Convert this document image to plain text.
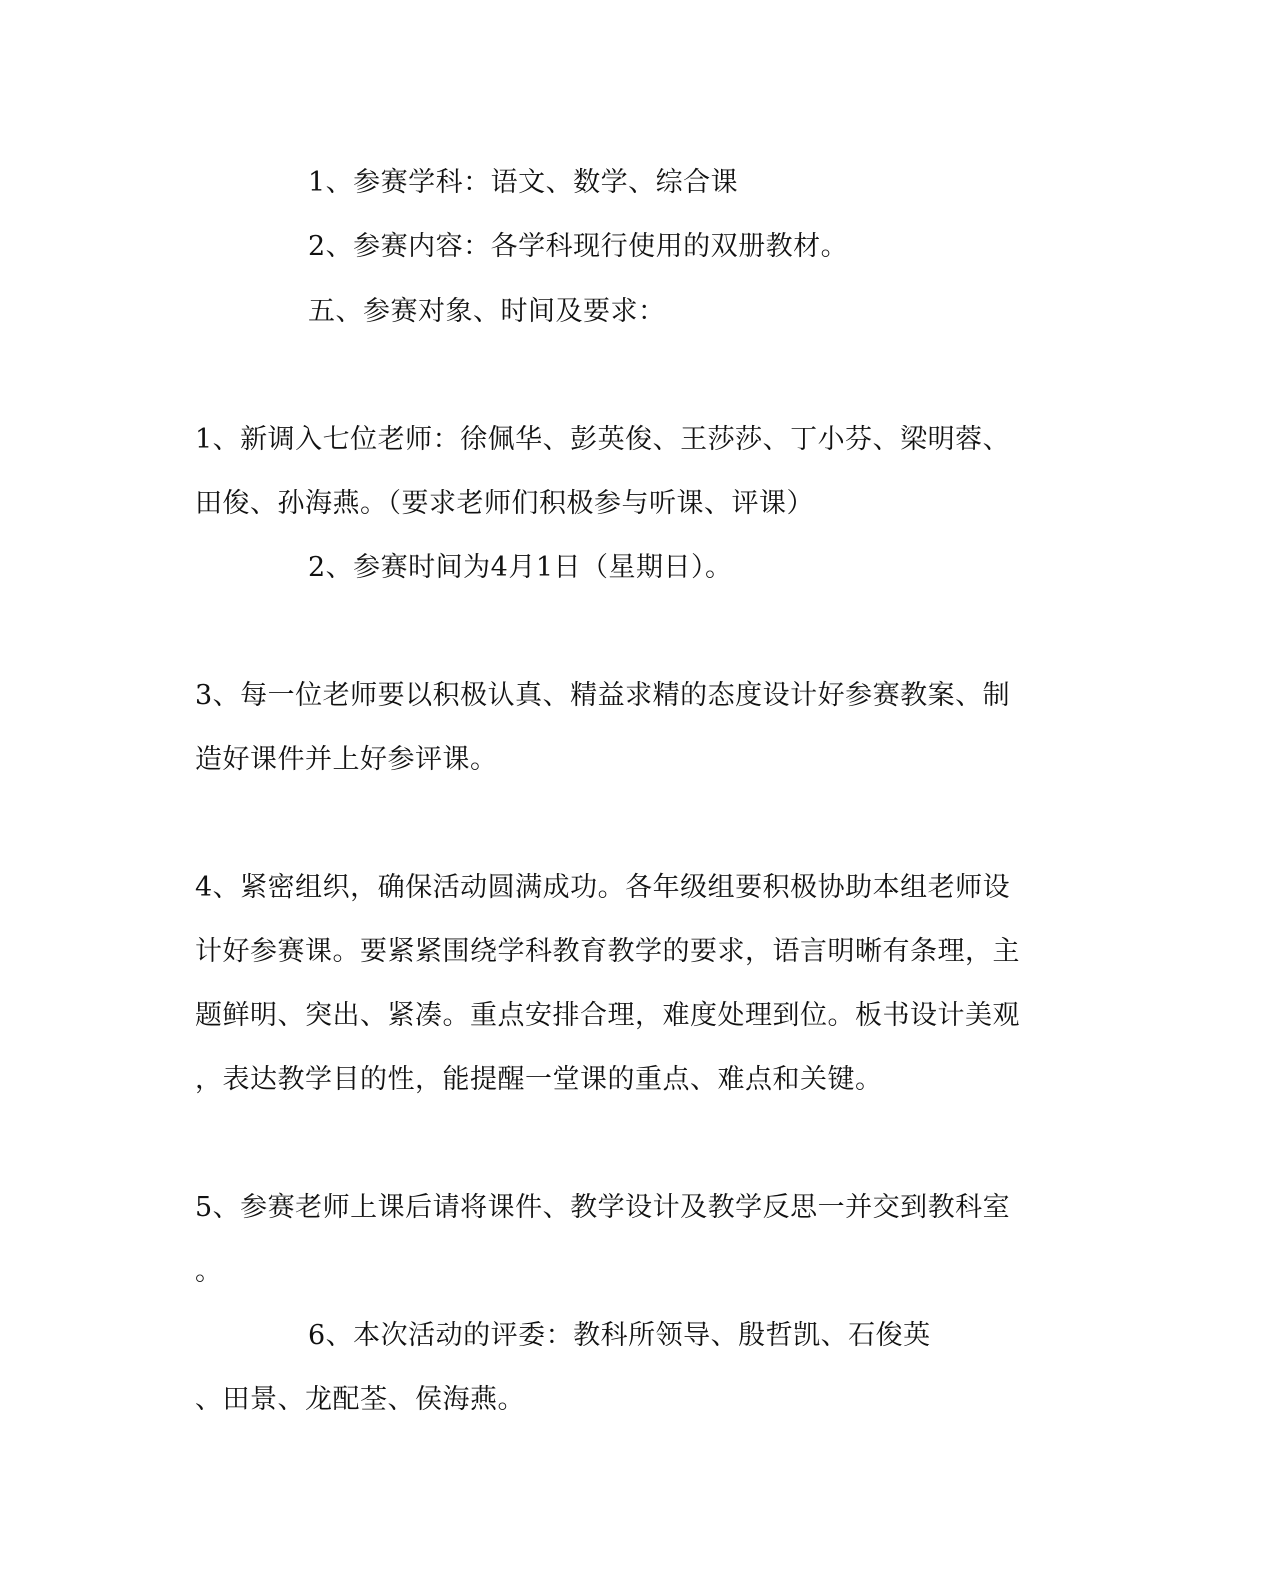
1、参赛学科：语文、数学、综合课
2、参赛内容：各学科现行使用的双册教材。
五、参赛对象、时间及要求：
1、新调入七位老师：徐佩华、彭英俊、王莎莎、丁小芬、梁明蓉、
田俊、孙海燕。（要求老师们积极参与听课、评课）
2、参赛时间为4月1日（星期日）。
3、每一位老师要以积极认真、精益求精的态度设计好参赛教案、制
造好课件并上好参评课。
4、紧密组织，确保活动圆满成功。各年级组要积极协助本组老师设
计好参赛课。要紧紧围绕学科教育教学的要求，语言明晰有条理，主
题鲜明、突出、紧凑。重点安排合理，难度处理到位。板书设计美观
，表达教学目的性，能提醒一堂课的重点、难点和关键。
5、参赛老师上课后请将课件、教学设计及教学反思一并交到教科室
。
6、本次活动的评委：教科所领导、殷哲凯、石俊英
、田景、龙配荃、侯海燕。
